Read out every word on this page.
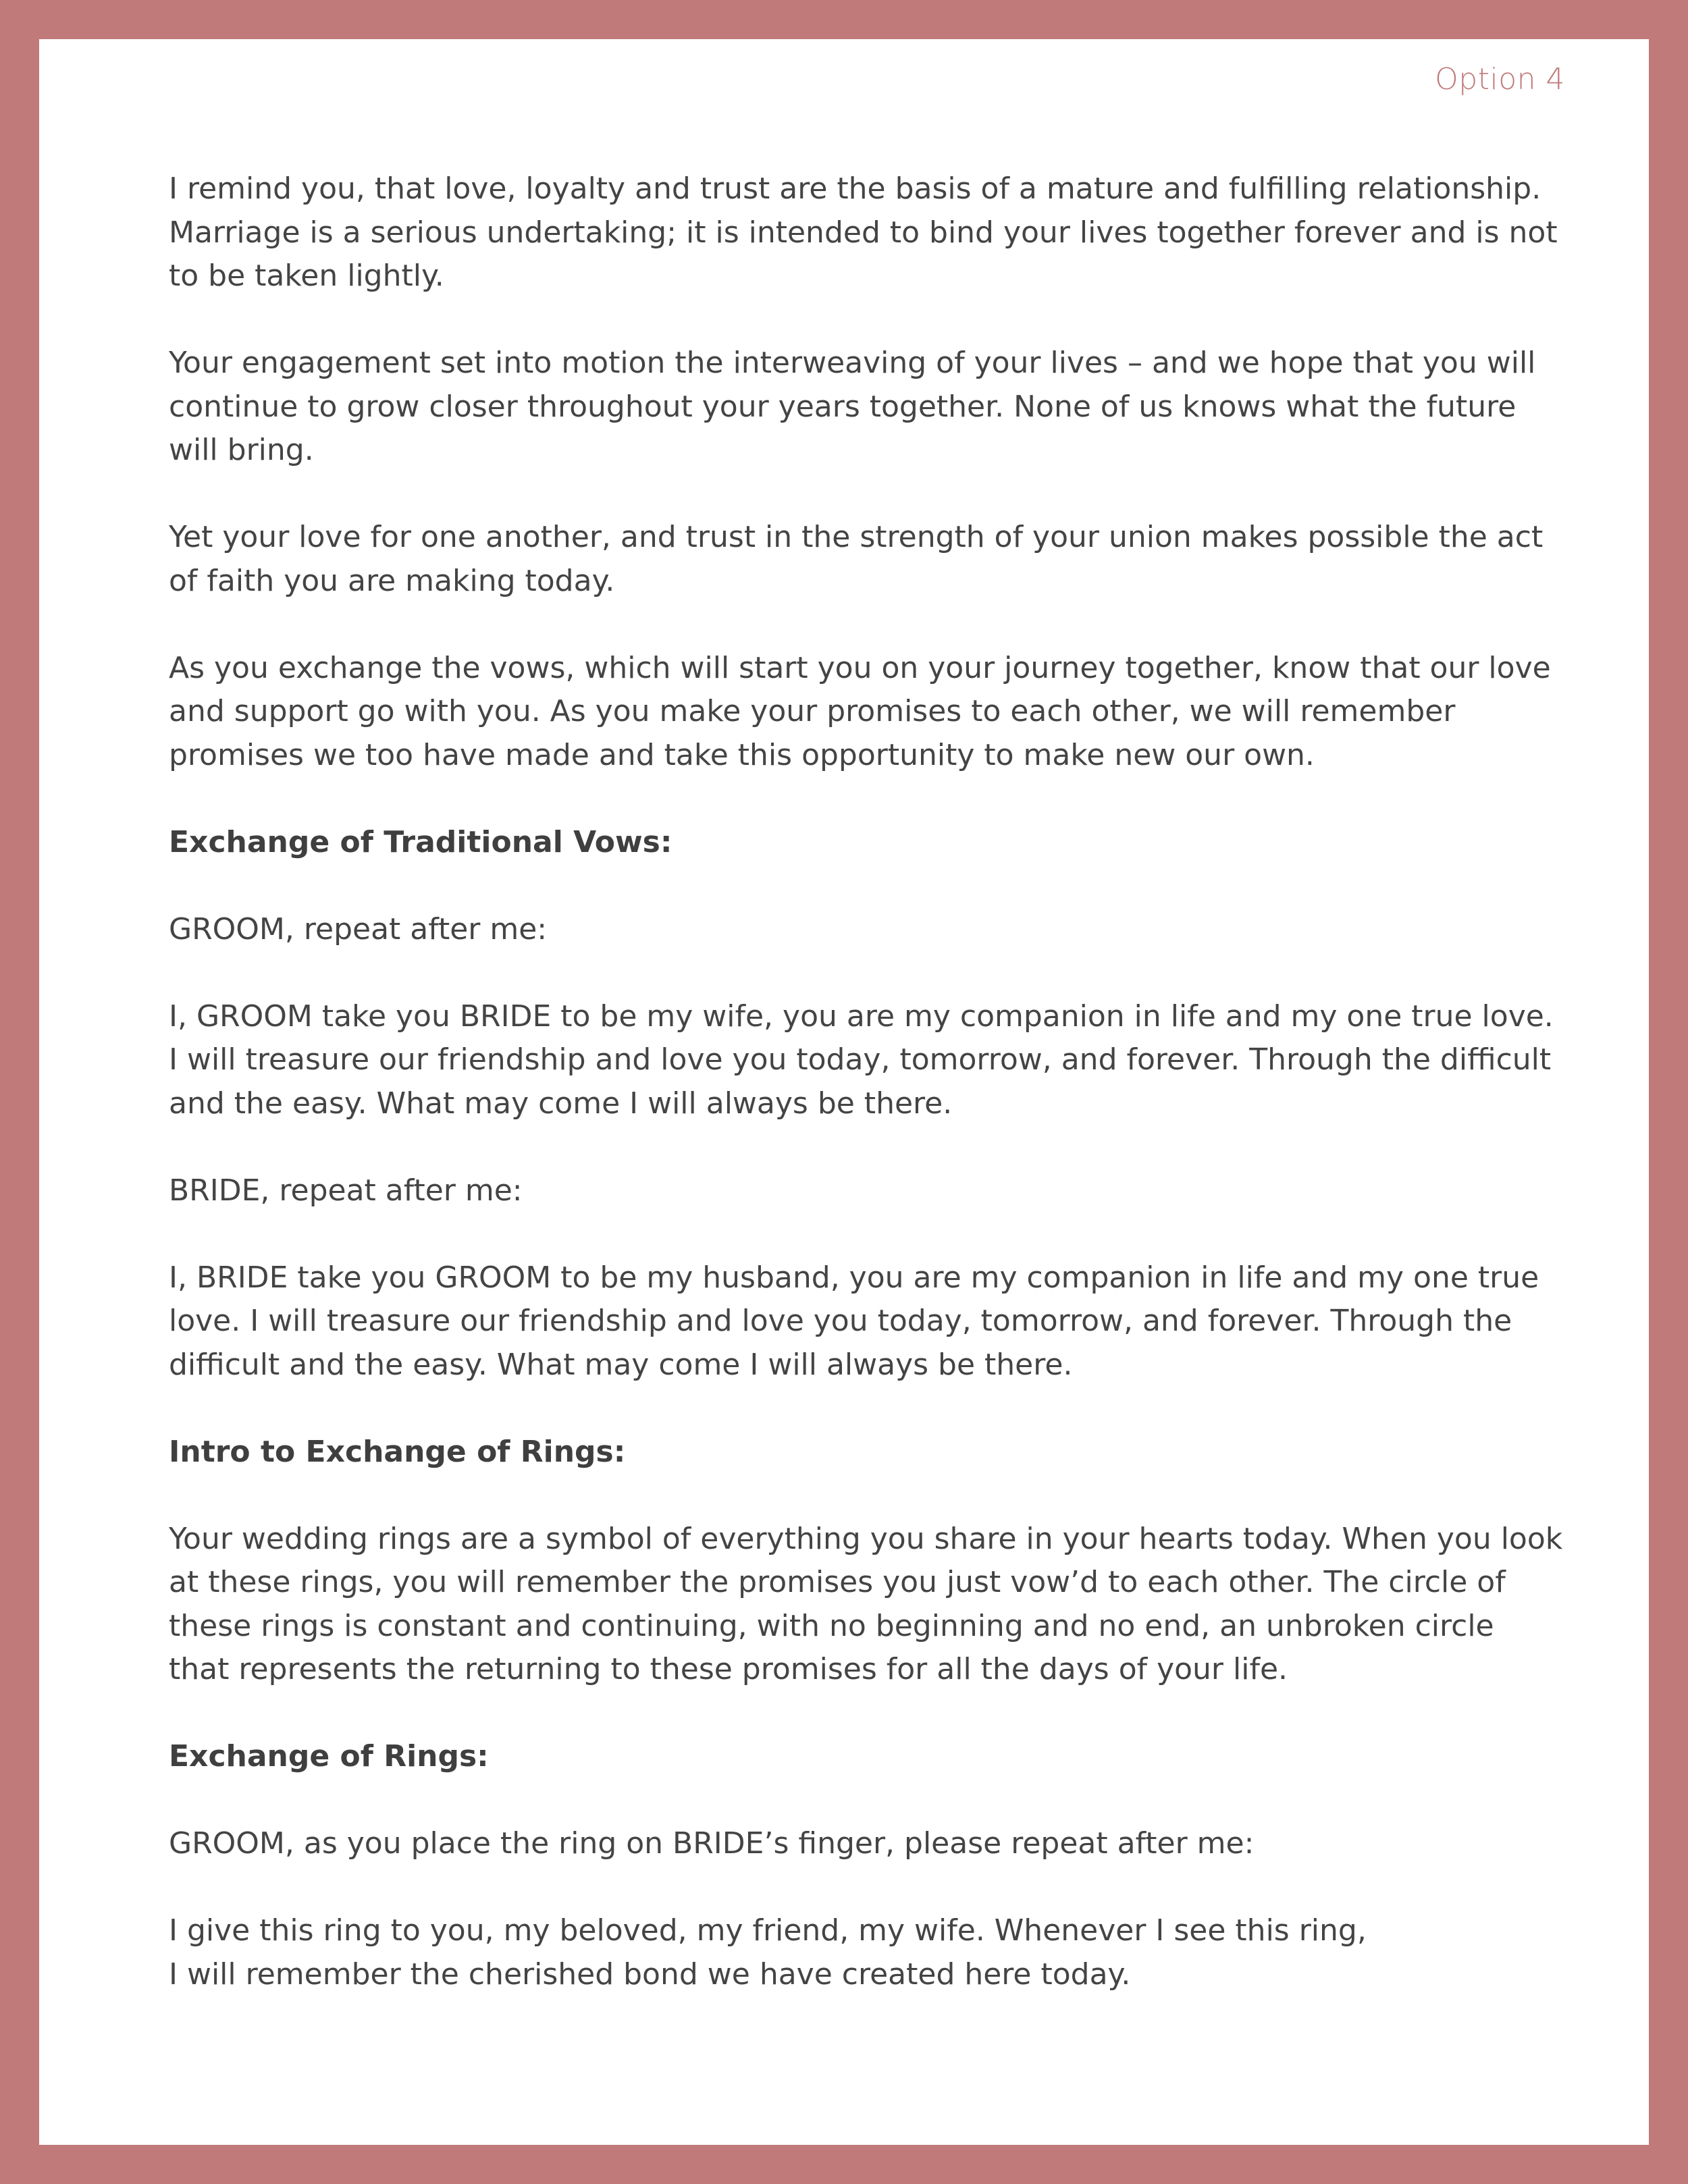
Option 4

I remind you, that love, loyalty and trust are the basis of a mature and fulfilling relationship.
Marriage is a serious undertaking; it is intended to bind your lives together forever and is not
to be taken lightly.

Your engagement set into motion the interweaving of your lives – and we hope that you will
continue to grow closer throughout your years together. None of us knows what the future
will bring.

Yet your love for one another, and trust in the strength of your union makes possible the act
of faith you are making today.

As you exchange the vows, which will start you on your journey together, know that our love
and support go with you. As you make your promises to each other, we will remember
promises we too have made and take this opportunity to make new our own.

Exchange of Traditional Vows:

GROOM, repeat after me:

I, GROOM take you BRIDE to be my wife, you are my companion in life and my one true love.
I will treasure our friendship and love you today, tomorrow, and forever. Through the difficult
and the easy. What may come I will always be there.

BRIDE, repeat after me:

I, BRIDE take you GROOM to be my husband, you are my companion in life and my one true
love. I will treasure our friendship and love you today, tomorrow, and forever. Through the
difficult and the easy. What may come I will always be there.

Intro to Exchange of Rings:

Your wedding rings are a symbol of everything you share in your hearts today. When you look
at these rings, you will remember the promises you just vow’d to each other. The circle of
these rings is constant and continuing, with no beginning and no end, an unbroken circle
that represents the returning to these promises for all the days of your life.

Exchange of Rings:

GROOM, as you place the ring on BRIDE’s finger, please repeat after me:

I give this ring to you, my beloved, my friend, my wife. Whenever I see this ring,
I will remember the cherished bond we have created here today.
